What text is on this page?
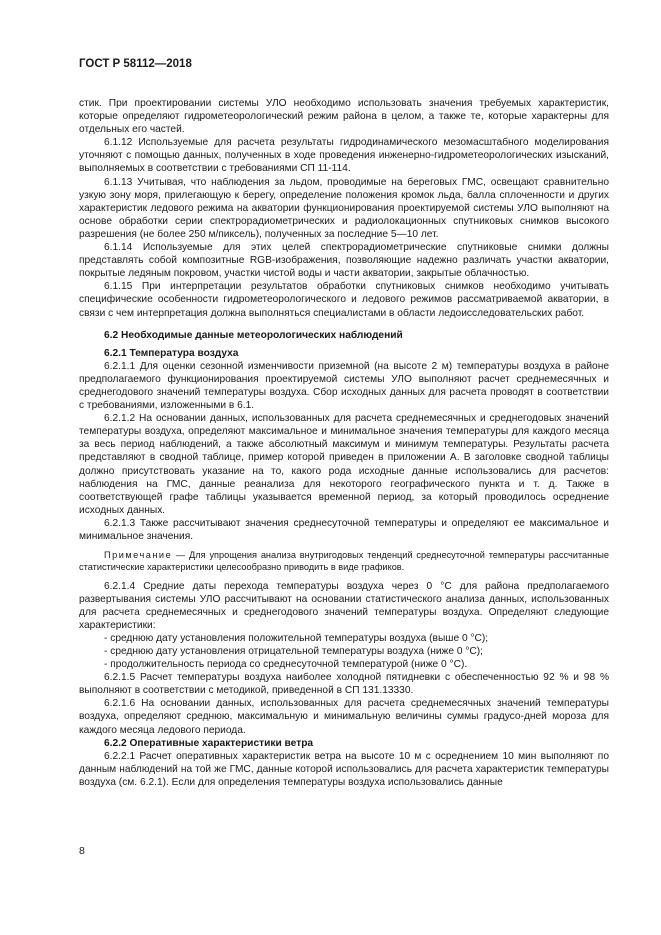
ГОСТ Р 58112—2018

стик. При проектировании системы УЛО необходимо использовать значения требуемых характеристик, которые определяют гидрометеорологический режим района в целом, а также те, которые характерны для отдельных его частей.

6.1.12 Используемые для расчета результаты гидродинамического мезомасштабного моделирования уточняют с помощью данных, полученных в ходе проведения инженерно-гидрометеорологических изысканий, выполняемых в соответствии с требованиями СП 11-114.

6.1.13 Учитывая, что наблюдения за льдом, проводимые на береговых ГМС, освещают сравнительно узкую зону моря, прилегающую к берегу, определение положения кромок льда, балла сплоченности и других характеристик ледового режима на акватории функционирования проектируемой системы УЛО выполняют на основе обработки серии спектрорадиометрических и радиолокационных спутниковых снимков высокого разрешения (не более 250 м/пиксель), полученных за последние 5—10 лет.

6.1.14 Используемые для этих целей спектрорадиометрические спутниковые снимки должны представлять собой композитные RGB-изображения, позволяющие надежно различать участки акватории, покрытые ледяным покровом, участки чистой воды и части акватории, закрытые облачностью.

6.1.15 При интерпретации результатов обработки спутниковых снимков необходимо учитывать специфические особенности гидрометеорологического и ледового режимов рассматриваемой акватории, в связи с чем интерпретация должна выполняться специалистами в области ледоисследовательских работ.

6.2 Необходимые данные метеорологических наблюдений

6.2.1 Температура воздуха

6.2.1.1 Для оценки сезонной изменчивости приземной (на высоте 2 м) температуры воздуха в районе предполагаемого функционирования проектируемой системы УЛО выполняют расчет среднемесячных и среднегодового значений температуры воздуха. Сбор исходных данных для расчета проводят в соответствии с требованиями, изложенными в 6.1.

6.2.1.2 На основании данных, использованных для расчета среднемесячных и среднегодовых значений температуры воздуха, определяют максимальное и минимальное значения температуры для каждого месяца за весь период наблюдений, а также абсолютный максимум и минимум температуры. Результаты расчета представляют в сводной таблице, пример которой приведен в приложении А. В заголовке сводной таблицы должно присутствовать указание на то, какого рода исходные данные использовались для расчетов: наблюдения на ГМС, данные реанализа для некоторого географического пункта и т. д. Также в соответствующей графе таблицы указывается временной период, за который проводилось осреднение исходных данных.

6.2.1.3 Также рассчитывают значения среднесуточной температуры и определяют ее максимальное и минимальное значения.

Примечание — Для упрощения анализа внутригодовых тенденций среднесуточной температуры рассчитанные статистические характеристики целесообразно приводить в виде графиков.

6.2.1.4 Средние даты перехода температуры воздуха через 0 °С для района предполагаемого развертывания системы УЛО рассчитывают на основании статистического анализа данных, использованных для расчета среднемесячных и среднегодового значений температуры воздуха. Определяют следующие характеристики:

- среднюю дату установления положительной температуры воздуха (выше 0 °С);

- среднюю дату установления отрицательной температуры воздуха (ниже 0 °С);

- продолжительность периода со среднесуточной температурой (ниже 0 °С).

6.2.1.5 Расчет температуры воздуха наиболее холодной пятидневки с обеспеченностью 92 % и 98 % выполняют в соответствии с методикой, приведенной в СП 131.13330.

6.2.1.6 На основании данных, использованных для расчета среднемесячных значений температуры воздуха, определяют среднюю, максимальную и минимальную величины суммы градусо-дней мороза для каждого месяца ледового периода.

6.2.2 Оперативные характеристики ветра

6.2.2.1 Расчет оперативных характеристик ветра на высоте 10 м с осреднением 10 мин выполняют по данным наблюдений на той же ГМС, данные которой использовались для расчета характеристик температуры воздуха (см. 6.2.1). Если для определения температуры воздуха использовались данные

8
